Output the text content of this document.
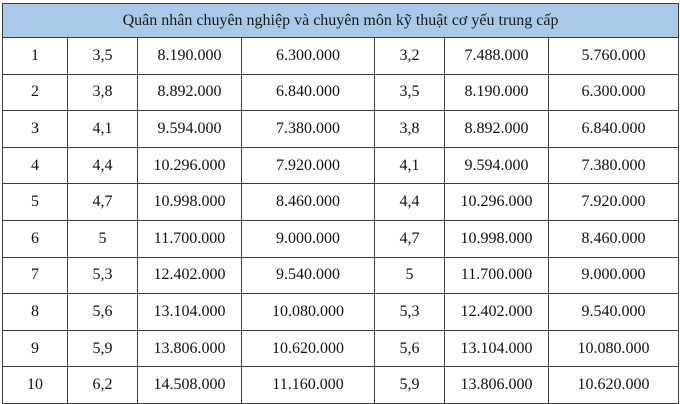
Quân nhân chuyên nghiệp và chuyên môn kỹ thuật cơ yếu trung cấp						
1	3,5	8.190.000	6.300.000	3,2	7.488.000	5.760.000
2	3,8	8.892.000	6.840.000	3,5	8.190.000	6.300.000
3	4,1	9.594.000	7.380.000	3,8	8.892.000	6.840.000
4	4,4	10.296.000	7.920.000	4,1	9.594.000	7.380.000
5	4,7	10.998.000	8.460.000	4,4	10.296.000	7.920.000
6	5	11.700.000	9.000.000	4,7	10.998.000	8.460.000
7	5,3	12.402.000	9.540.000	5	11.700.000	9.000.000
8	5,6	13.104.000	10.080.000	5,3	12.402.000	9.540.000
9	5,9	13.806.000	10.620.000	5,6	13.104.000	10.080.000
10	6,2	14.508.000	11.160.000	5,9	13.806.000	10.620.000
